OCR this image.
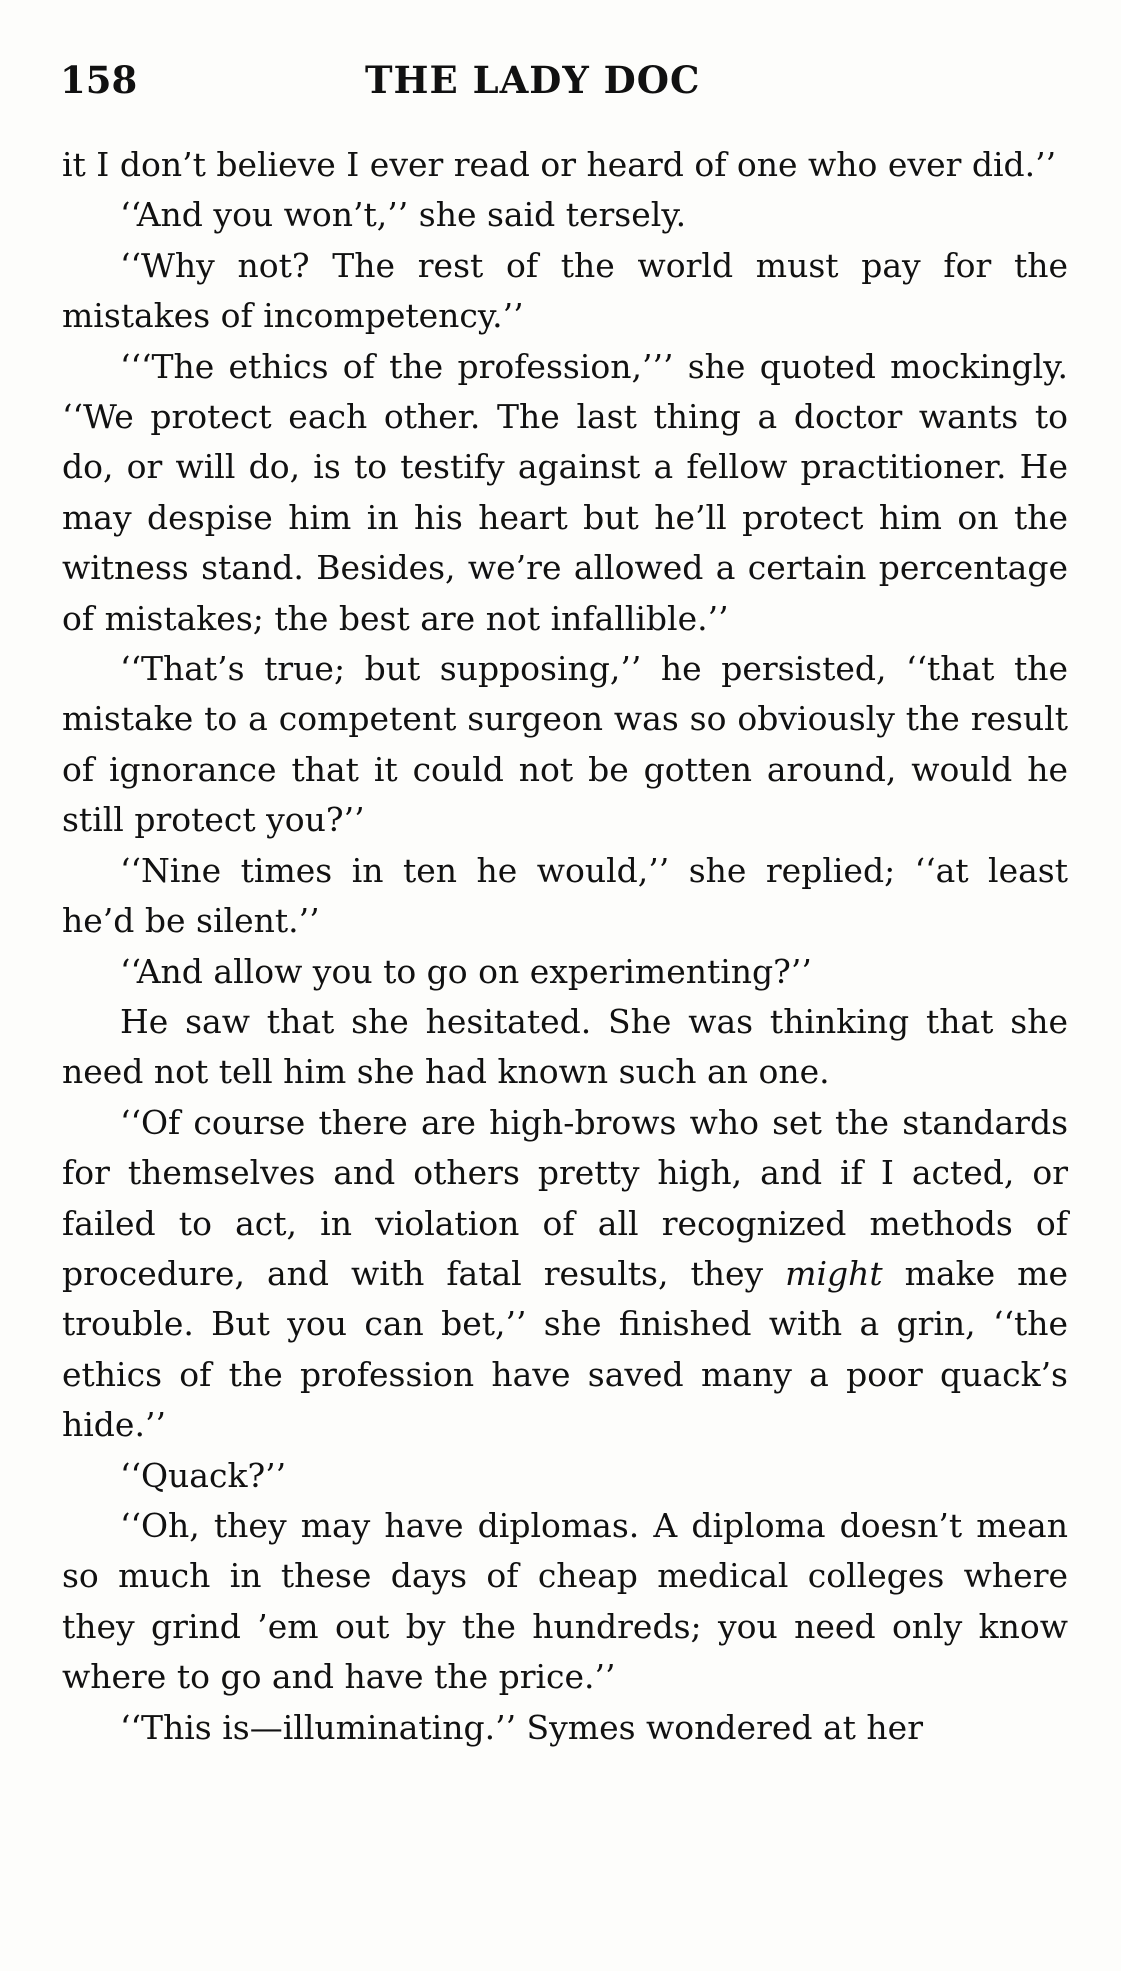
158	THE LADY DOC

it I don’t believe I ever read or heard of one who ever did.’’

‘‘And you won’t,’’ she said tersely.

‘‘Why not? The rest of the world must pay for the mistakes of incompetency.’’

‘‘‘The ethics of the profession,’’’ she quoted mockingly. ‘‘We protect each other. The last thing a doctor wants to do, or will do, is to testify against a fellow practitioner. He may despise him in his heart but he’ll protect him on the witness stand. Besides, we’re allowed a certain percentage of mistakes; the best are not infallible.’’

‘‘That’s true; but supposing,’’ he persisted, ‘‘that the mistake to a competent surgeon was so obviously the result of ignorance that it could not be gotten around, would he still protect you?’’

‘‘Nine times in ten he would,’’ she replied; ‘‘at least he’d be silent.’’

‘‘And allow you to go on experimenting?’’

He saw that she hesitated. She was thinking that she need not tell him she had known such an one.

‘‘Of course there are high-brows who set the standards for themselves and others pretty high, and if I acted, or failed to act, in violation of all recognized methods of procedure, and with fatal results, they might make me trouble. But you can bet,’’ she finished with a grin, ‘‘the ethics of the profession have saved many a poor quack’s hide.’’

‘‘Quack?’’

‘‘Oh, they may have diplomas. A diploma doesn’t mean so much in these days of cheap medical colleges where they grind ’em out by the hundreds; you need only know where to go and have the price.’’

‘‘This is—illuminating.’’ Symes wondered at her
